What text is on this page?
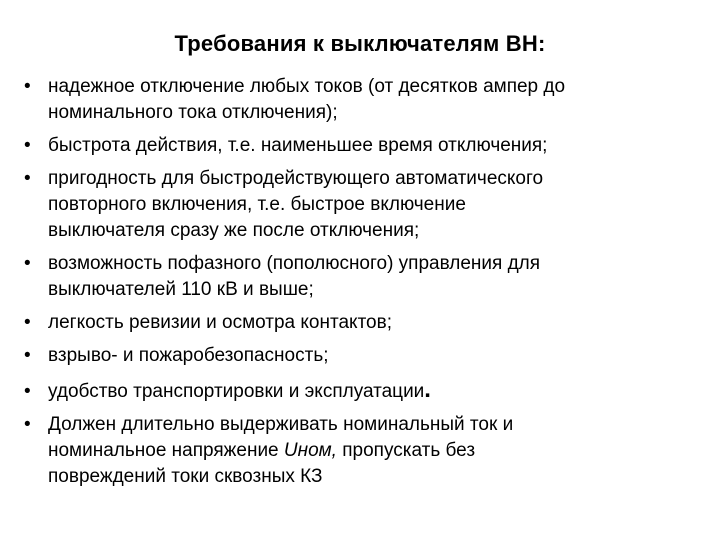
Требования к выключателям ВН:
• надежное отключение любых токов (от десятков ампер до
номинального тока отключения);
• быстрота действия, т.е. наименьшее время отключения;
• пригодность для быстродействующего автоматического
повторного включения, т.е. быстрое включение
выключателя сразу же после отключения;
• возможность пофазного (пополюсного) управления для
выключателей 110 кВ и выше;
• легкость ревизии и осмотра контактов;
• взрыво- и пожаробезопасность;
• удобство транспортировки и эксплуатации.
• Должен длительно выдерживать номинальный ток и
номинальное напряжение Uном, пропускать без
повреждений токи сквозных КЗ
